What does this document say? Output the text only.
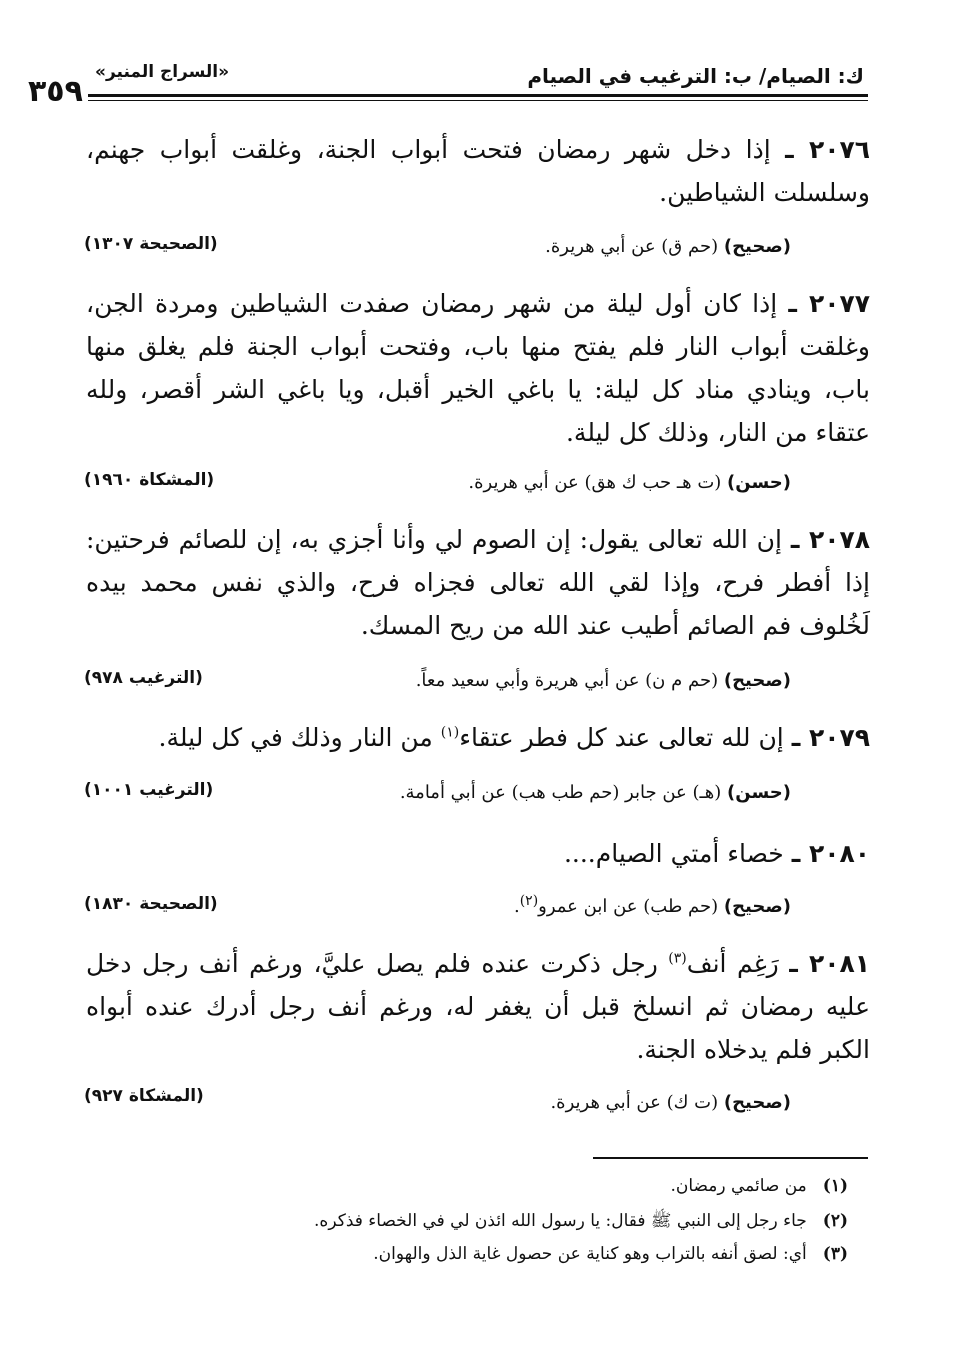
ك: الصيام/ ب: الترغيب في الصيام
«السراج المنير»
٣٥٩
٢٠٧٦ ـ إذا دخل شهر رمضان فتحت أبواب الجنة، وغلقت أبواب جهنم، وسلسلت الشياطين.
(صحيح) (حم ق) عن أبي هريرة.
(الصحيحة ١٣٠٧)
٢٠٧٧ ـ إذا كان أول ليلة من شهر رمضان صفدت الشياطين ومردة الجن، وغلقت أبواب النار فلم يفتح منها باب، وفتحت أبواب الجنة فلم يغلق منها باب، وينادي مناد كل ليلة: يا باغي الخير أقبل، ويا باغي الشر أقصر، ولله عتقاء من النار، وذلك كل ليلة.
(حسن) (ت هـ حب ك هق) عن أبي هريرة.
(المشكاة ١٩٦٠)
٢٠٧٨ ـ إن الله تعالى يقول: إن الصوم لي وأنا أجزي به، إن للصائم فرحتين: إذا أفطر فرح، وإذا لقي الله تعالى فجزاه فرح، والذي نفس محمد بيده لَخُلوف فم الصائم أطيب عند الله من ريح المسك.
(صحيح) (حم م ن) عن أبي هريرة وأبي سعيد معاً.
(الترغيب ٩٧٨)
٢٠٧٩ ـ إن لله تعالى عند كل فطر عتقاء$^{(١)}$ من النار وذلك في كل ليلة.
(حسن) (هـ) عن جابر (حم طب هب) عن أبي أمامة.
(الترغيب ١٠٠١)
٢٠٨٠ ـ خصاء أمتي الصيام....
(صحيح) (حم طب) عن ابن عمرو$^{(٢)}$.
(الصحيحة ١٨٣٠)
٢٠٨١ ـ رَغِم أنف$^{(٣)}$ رجل ذكرت عنده فلم يصل عليَّ، ورغم أنف رجل دخل عليه رمضان ثم انسلخ قبل أن يغفر له، ورغم أنف رجل أدرك عنده أبواه الكبر فلم يدخلاه الجنة.
(صحيح) (ت ك) عن أبي هريرة.
(المشكاة ٩٢٧)
(١)من صائمي رمضان.
(٢)جاء رجل إلى النبي ﷺ فقال: يا رسول الله ائذن لي في الخصاء فذكره.
(٣)أي: لصق أنفه بالتراب وهو كناية عن حصول غاية الذل والهوان.
